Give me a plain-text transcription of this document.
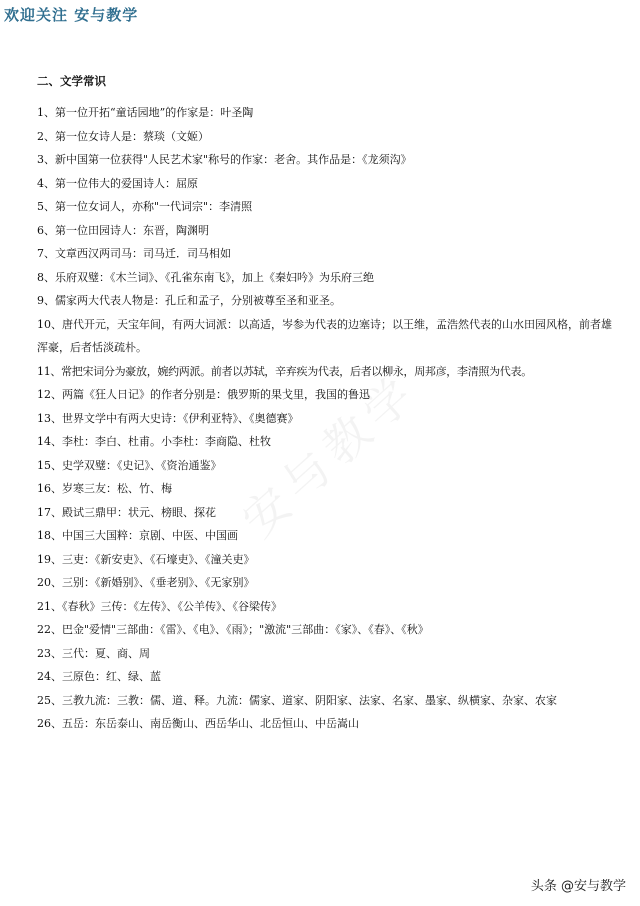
欢迎关注 安与教学
二、文学常识
1、第一位开拓“童话园地”的作家是：叶圣陶
2、第一位女诗人是：蔡琰（文姬）
3、新中国第一位获得"人民艺术家"称号的作家：老舍。其作品是：《龙须沟》
4、第一位伟大的爱国诗人：屈原
5、第一位女词人，亦称"一代词宗"：李清照
6、第一位田园诗人：东晋，陶渊明
7、文章西汉两司马：司马迁．司马相如
8、乐府双璧：《木兰词》、《孔雀东南飞》，加上《秦妇吟》为乐府三绝
9、儒家两大代表人物是：孔丘和孟子，分别被尊至圣和亚圣。
10、唐代开元，天宝年间，有两大词派：以高适，岑参为代表的边塞诗；以王维，孟浩然代表的山水田园风格，前者雄浑豪，后者恬淡疏朴。
11、常把宋词分为豪放，婉约两派。前者以苏轼，辛弃疾为代表，后者以柳永，周邦彦，李清照为代表。
12、两篇《狂人日记》的作者分别是：俄罗斯的果戈里，我国的鲁迅
13、世界文学中有两大史诗：《伊利亚特》、《奥德赛》
14、李杜：李白、杜甫。小李杜：李商隐、杜牧
15、史学双璧：《史记》、《资治通鉴》
16、岁寒三友：松、竹、梅
17、殿试三鼎甲：状元、榜眼、探花
18、中国三大国粹：京剧、中医、中国画
19、三吏：《新安吏》、《石壕吏》、《潼关吏》
20、三别：《新婚别》、《垂老别》、《无家别》
21、《春秋》三传：《左传》、《公羊传》、《谷梁传》
22、巴金"爱情"三部曲：《雷》、《电》、《雨》；"激流"三部曲：《家》、《春》、《秋》
23、三代：夏、商、周
24、三原色：红、绿、蓝
25、三教九流：三教：儒、道、释。九流：儒家、道家、阴阳家、法家、名家、墨家、纵横家、杂家、农家
26、五岳：东岳泰山、南岳衡山、西岳华山、北岳恒山、中岳嵩山
头条 @安与教学
